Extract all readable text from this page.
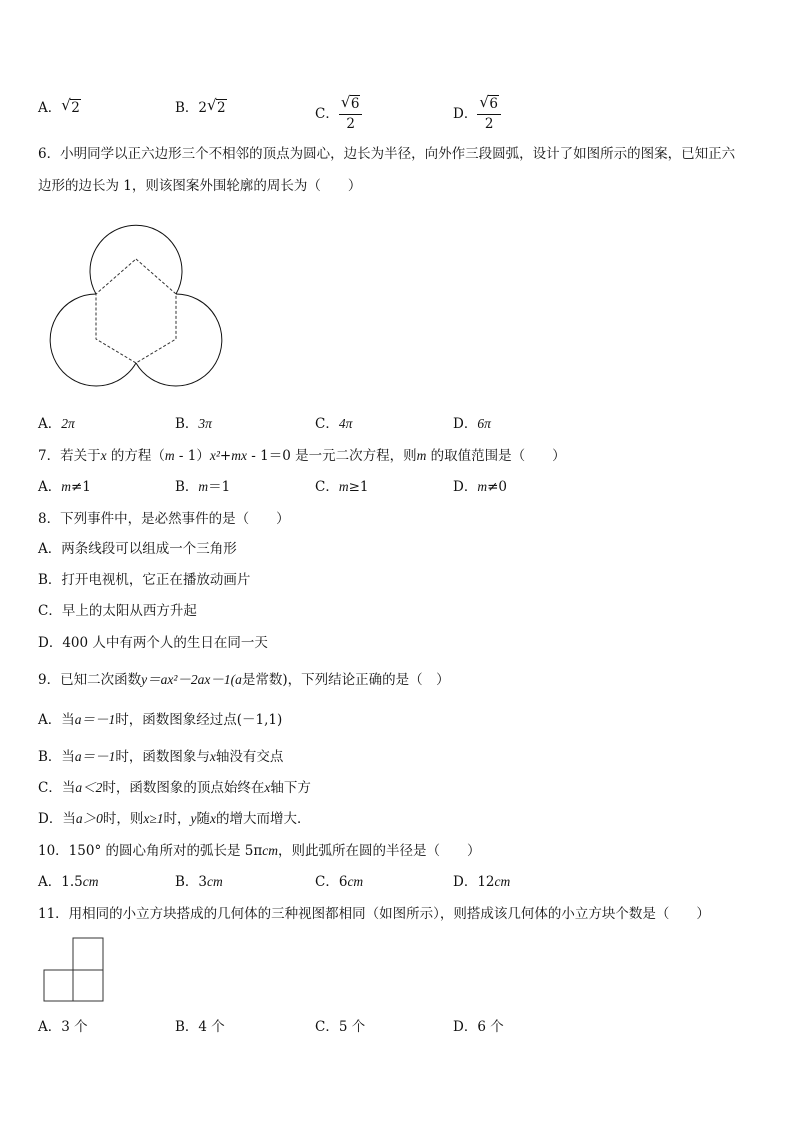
A． √ 2	B．2 √ 2	C． √ $\frac{6}{2}$	D． √ $\frac{6}{2}$
6．小明同学以正六边形三个不相邻的顶点为圆心，边长为半径，向外作三段圆弧，设计了如图所示的图案，已知正六
边形的边长为 1，则该图案外围轮廓的周长为（　　）
A．2π	B．3π	C．4π	D．6π
7．若关于x 的方程（m - 1）x²+mx - 1＝0 是一元二次方程，则m 的取值范围是（　　）
A．m≠1	B．m＝1	C．m≥1	D．m≠0
8．下列事件中，是必然事件的是（　　）
A．两条线段可以组成一个三角形
B．打开电视机，它正在播放动画片
C．早上的太阳从西方升起
D．400 人中有两个人的生日在同一天
9．已知二次函数y＝ax²－2ax－1(a是常数)，下列结论正确的是（　）
A．当a＝－1时，函数图象经过点(－1,1)
B．当a＝－1时，函数图象与x轴没有交点
C．当a＜2时，函数图象的顶点始终在x轴下方
D．当a＞0时，则x≥1时，y随x的增大而增大．
10．150° 的圆心角所对的弧长是 5πcm，则此弧所在圆的半径是（　　）
A．1.5cm	B．3cm	C．6cm	D．12cm
11．用相同的小立方块搭成的几何体的三种视图都相同（如图所示），则搭成该几何体的小立方块个数是（　　）
A．3 个	B．4 个	C．5 个	D．6 个
